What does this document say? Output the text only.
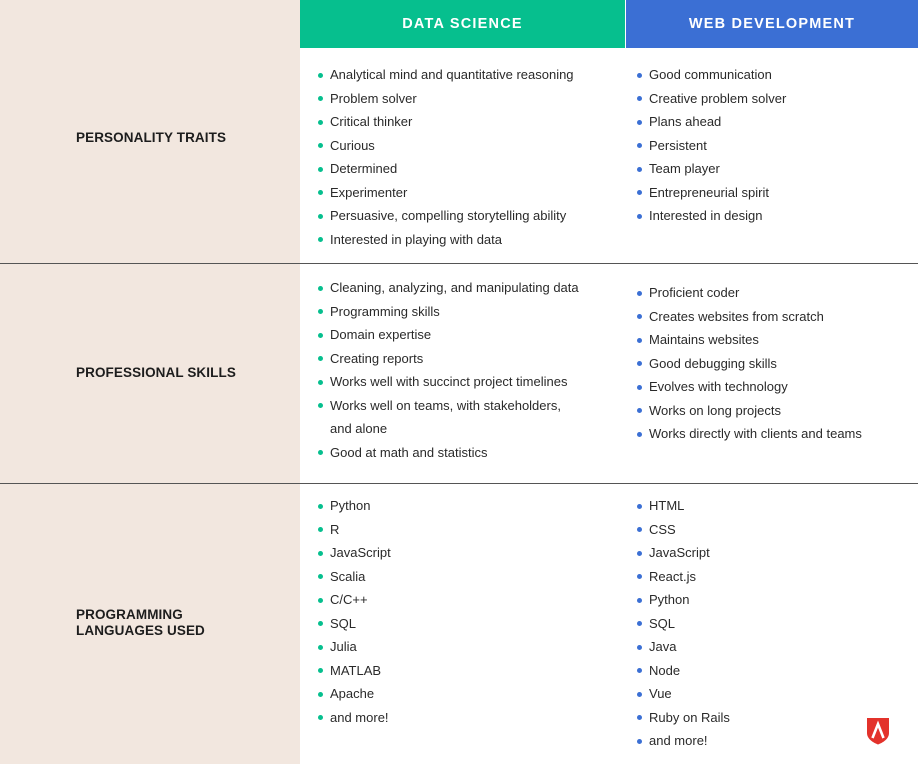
DATA SCIENCE	WEB DEVELOPMENT
PERSONALITY TRAITS
Analytical mind and quantitative reasoning
Problem solver
Critical thinker
Curious
Determined
Experimenter
Persuasive, compelling storytelling ability
Interested in playing with data
Good communication
Creative problem solver
Plans ahead
Persistent
Team player
Entrepreneurial spirit
Interested in design
PROFESSIONAL SKILLS
Cleaning, analyzing, and manipulating data
Programming skills
Domain expertise
Creating reports
Works well with succinct project timelines
Works well on teams, with stakeholders,
and alone
Good at math and statistics
Proficient coder
Creates websites from scratch
Maintains websites
Good debugging skills
Evolves with technology
Works on long projects
Works directly with clients and teams
PROGRAMMING
LANGUAGES USED
Python
R
JavaScript
Scalia
C/C++
SQL
Julia
MATLAB
Apache
and more!
HTML
CSS
JavaScript
React.js
Python
SQL
Java
Node
Vue
Ruby on Rails
and more!
